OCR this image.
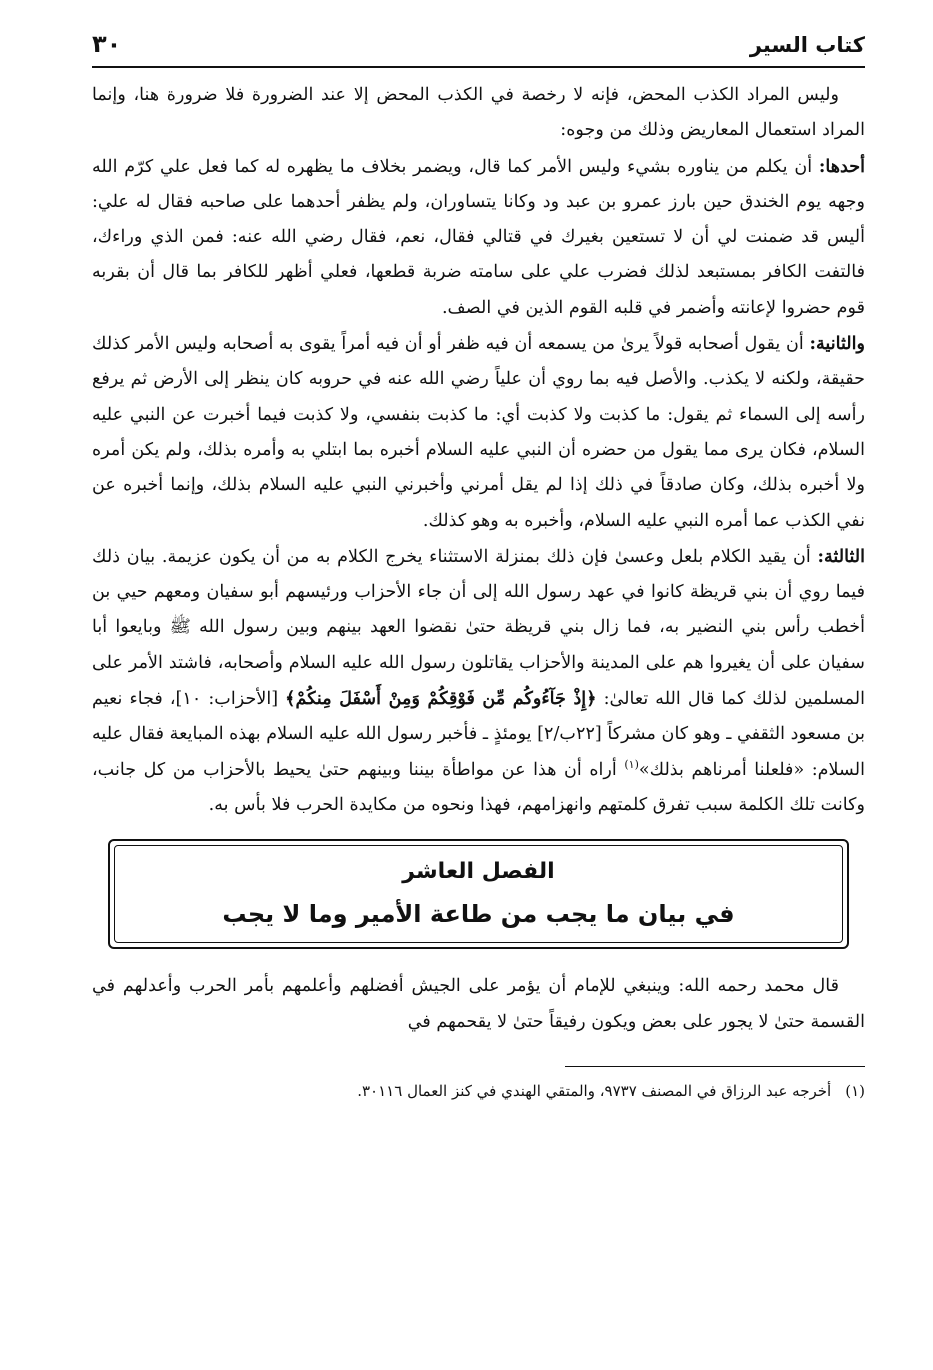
كتاب السير
٣٠

وليس المراد الكذب المحض، فإنه لا رخصة في الكذب المحض إلا عند الضرورة فلا ضرورة هنا، وإنما المراد استعمال المعاريض وذلك من وجوه:

أحدها: أن يكلم من يناوره بشيء وليس الأمر كما قال، ويضمر بخلاف ما يظهره له كما فعل علي كرّم الله وجهه يوم الخندق حين بارز عمرو بن عبد ود وكانا يتساوران، ولم يظفر أحدهما على صاحبه فقال له علي: أليس قد ضمنت لي أن لا تستعين بغيرك في قتالي فقال، نعم، فقال رضي الله عنه: فمن الذي وراءك، فالتفت الكافر بمستبعد لذلك فضرب علي على سامته ضربة قطعها، فعلي أظهر للكافر بما قال أن بقربه قوم حضروا لإعانته وأضمر في قلبه القوم الذين في الصف.

والثانية: أن يقول أصحابه قولاً يرىٰ من يسمعه أن فيه ظفر أو أن فيه أمراً يقوى به أصحابه وليس الأمر كذلك حقيقة، ولكنه لا يكذب. والأصل فيه بما روي أن علياً رضي الله عنه في حروبه كان ينظر إلى الأرض ثم يرفع رأسه إلى السماء ثم يقول: ما كذبت ولا كذبت أي: ما كذبت بنفسي، ولا كذبت فيما أخبرت عن النبي عليه السلام، فكان يرى مما يقول من حضره أن النبي عليه السلام أخبره بما ابتلي به وأمره بذلك، ولم يكن أمره ولا أخبره بذلك، وكان صادقاً في ذلك إذا لم يقل أمرني وأخبرني النبي عليه السلام بذلك، وإنما أخبره عن نفي الكذب عما أمره النبي عليه السلام، وأخبره به وهو كذلك.

الثالثة: أن يقيد الكلام بلعل وعسىٰ فإن ذلك بمنزلة الاستثناء يخرج الكلام به من أن يكون عزيمة. بيان ذلك فيما روي أن بني قريظة كانوا في عهد رسول الله إلى أن جاء الأحزاب ورئيسهم أبو سفيان ومعهم حيي بن أخطب رأس بني النضير به، فما زال بني قريظة حتىٰ نقضوا العهد بينهم وبين رسول الله ﷺ وبايعوا أبا سفيان على أن يغيروا هم على المدينة والأحزاب يقاتلون رسول الله عليه السلام وأصحابه، فاشتد الأمر على المسلمين لذلك كما قال الله تعالىٰ: ﴿إِذْ جَآءُوكُم مِّن فَوْقِكُمْ وَمِنْ أَسْفَلَ مِنكُمْ﴾ [الأحزاب: ١٠]، فجاء نعيم بن مسعود الثقفي ـ وهو كان مشركاً [٢٢ب/٢] يومئذٍ ـ فأخبر رسول الله عليه السلام بهذه المبايعة فقال عليه السلام: «فلعلنا أمرناهم بذلك»$^{(١)}$ أراه أن هذا عن مواطأة بيننا وبينهم حتىٰ يحيط بالأحزاب من كل جانب، وكانت تلك الكلمة سبب تفرق كلمتهم وانهزامهم، فهذا ونحوه من مكايدة الحرب فلا بأس به.

الفصل العاشر
في بيان ما يجب من طاعة الأمير وما لا يجب

قال محمد رحمه الله: وينبغي للإمام أن يؤمر على الجيش أفضلهم وأعلمهم بأمر الحرب وأعدلهم في القسمة حتىٰ لا يجور على بعض ويكون رفيقاً حتىٰ لا يقحمهم في

(١)
أخرجه عبد الرزاق في المصنف ٩٧٣٧، والمتقي الهندي في كنز العمال ٣٠١١٦.
